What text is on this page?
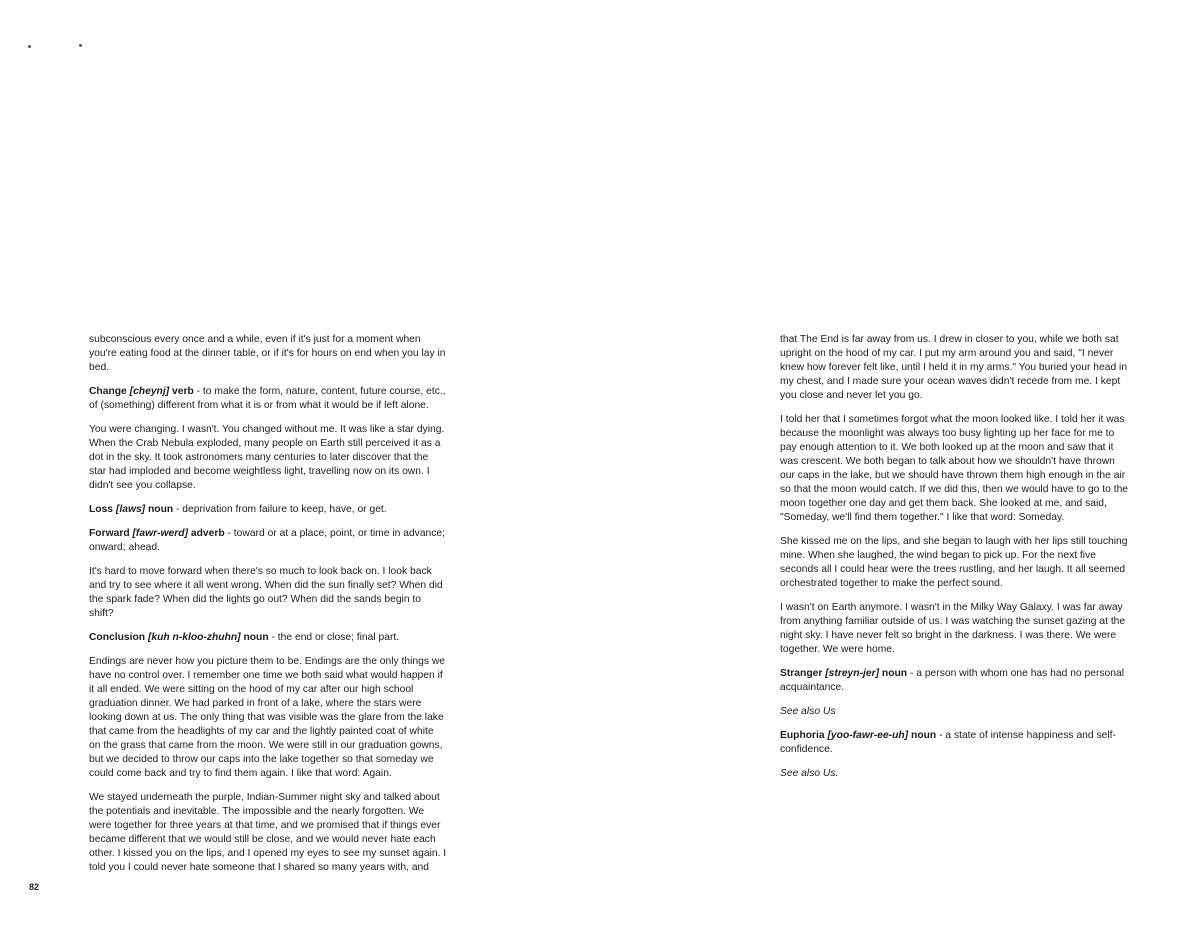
subconscious every once and a while, even if it's just for a moment when you're eating food at the dinner table, or if it's for hours on end when you lay in bed.

Change [cheynj] verb - to make the form, nature, content, future course, etc., of (something) different from what it is or from what it would be if left alone.

You were changing. I wasn't. You changed without me. It was like a star dying. When the Crab Nebula exploded, many people on Earth still perceived it as a dot in the sky. It took astronomers many centuries to later discover that the star had imploded and become weightless light, travelling now on its own. I didn't see you collapse.

Loss [laws] noun - deprivation from failure to keep, have, or get.

Forward [fawr-werd] adverb - toward or at a place, point, or time in advance; onward; ahead.

It's hard to move forward when there's so much to look back on. I look back and try to see where it all went wrong. When did the sun finally set? When did the spark fade? When did the lights go out? When did the sands begin to shift?

Conclusion [kuh n-kloo-zhuhn] noun - the end or close; final part.

Endings are never how you picture them to be. Endings are the only things we have no control over. I remember one time we both said what would happen if it all ended. We were sitting on the hood of my car after our high school graduation dinner. We had parked in front of a lake, where the stars were looking down at us. The only thing that was visible was the glare from the lake that came from the headlights of my car and the lightly painted coat of white on the grass that came from the moon. We were still in our graduation gowns, but we decided to throw our caps into the lake together so that someday we could come back and try to find them again. I like that word: Again.

We stayed underneath the purple, Indian-Summer night sky and talked about the potentials and inevitable. The impossible and the nearly forgotten. We were together for three years at that time, and we promised that if things ever became different that we would still be close, and we would never hate each other. I kissed you on the lips, and I opened my eyes to see my sunset again. I told you I could never hate someone that I shared so many years with, and

82

that The End is far away from us. I drew in closer to you, while we both sat upright on the hood of my car. I put my arm around you and said, "I never knew how forever felt like, until I held it in my arms." You buried your head in my chest, and I made sure your ocean waves didn't recede from me. I kept you close and never let you go.

I told her that I sometimes forgot what the moon looked like. I told her it was because the moonlight was always too busy lighting up her face for me to pay enough attention to it. We both looked up at the moon and saw that it was crescent. We both began to talk about how we shouldn't have thrown our caps in the lake, but we should have thrown them high enough in the air so that the moon would catch. If we did this, then we would have to go to the moon together one day and get them back. She looked at me, and said, "Someday, we'll find them together." I like that word: Someday.

She kissed me on the lips, and she began to laugh with her lips still touching mine. When she laughed, the wind began to pick up. For the next five seconds all I could hear were the trees rustling, and her laugh. It all seemed orchestrated together to make the perfect sound.

I wasn't on Earth anymore. I wasn't in the Milky Way Galaxy. I was far away from anything familiar outside of us. I was watching the sunset gazing at the night sky. I have never felt so bright in the darkness. I was there. We were together. We were home.

Stranger [streyn-jer] noun - a person with whom one has had no personal acquaintance.

See also Us

Euphoria [yoo-fawr-ee-uh] noun - a state of intense happiness and self-confidence.

See also Us.
